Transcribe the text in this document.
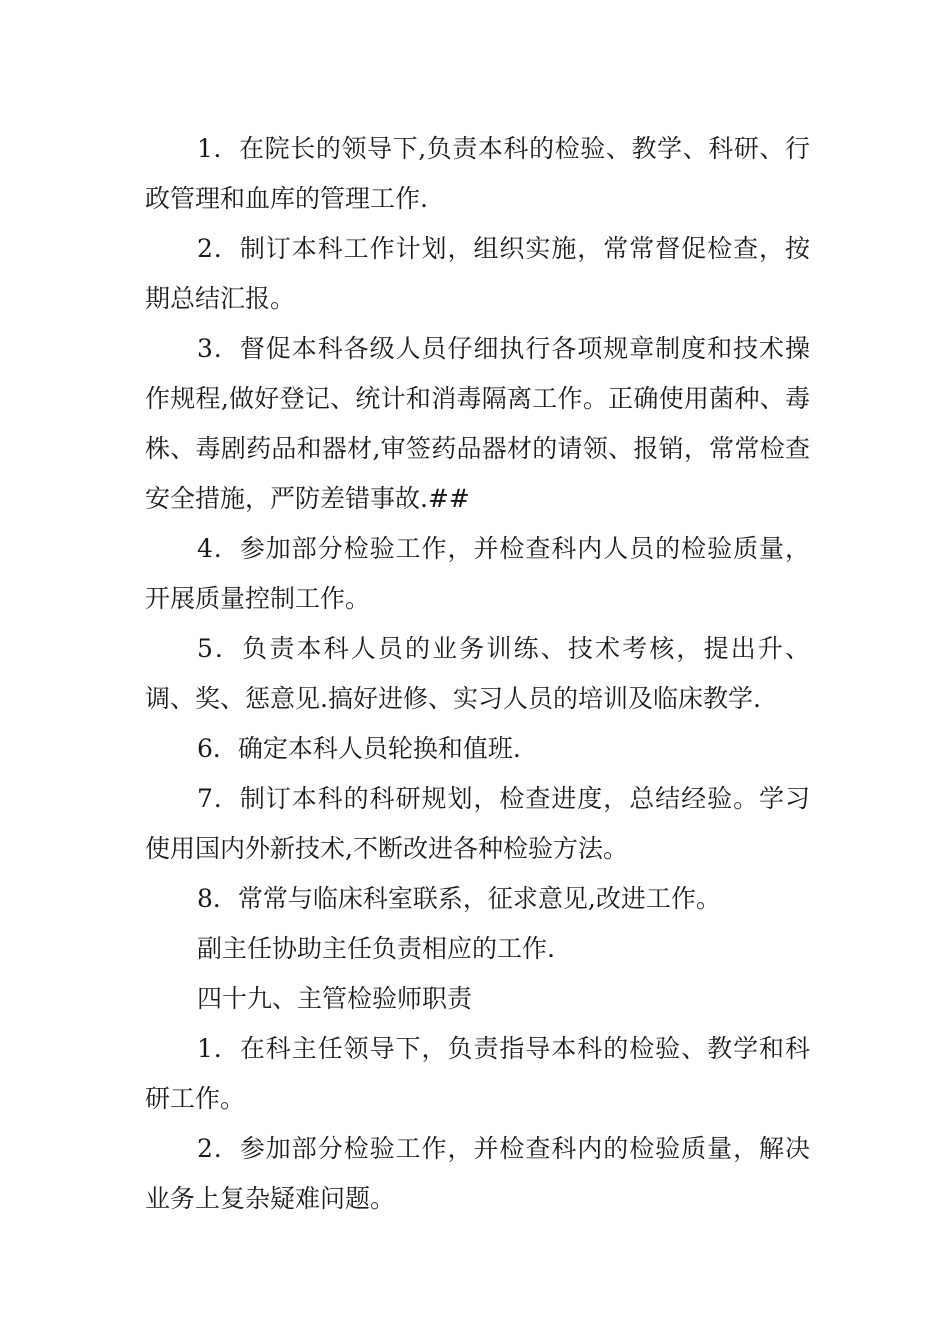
1．在院长的领导下,负责本科的检验、教学、科研、行政管理和血库的管理工作.

2．制订本科工作计划，组织实施，常常督促检查，按期总结汇报。

3．督促本科各级人员仔细执行各项规章制度和技术操作规程,做好登记、统计和消毒隔离工作。正确使用菌种、毒株、毒剧药品和器材,审签药品器材的请领、报销，常常检查安全措施，严防差错事故.##

4．参加部分检验工作，并检查科内人员的检验质量，开展质量控制工作。

5．负责本科人员的业务训练、技术考核，提出升、调、奖、惩意见.搞好进修、实习人员的培训及临床教学.

6．确定本科人员轮换和值班.

7．制订本科的科研规划，检查进度，总结经验。学习使用国内外新技术,不断改进各种检验方法。

8．常常与临床科室联系，征求意见,改进工作。

副主任协助主任负责相应的工作.

四十九、主管检验师职责

1．在科主任领导下，负责指导本科的检验、教学和科研工作。

2．参加部分检验工作，并检查科内的检验质量，解决业务上复杂疑难问题。
